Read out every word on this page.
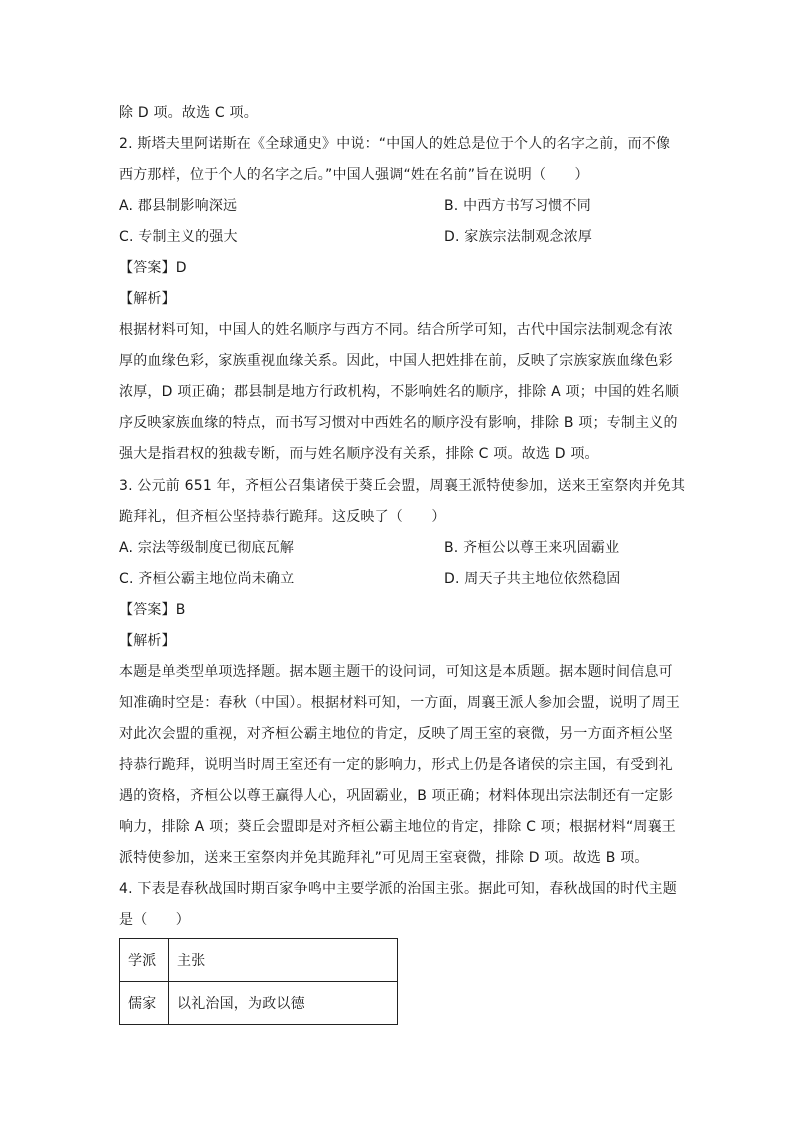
除 D 项。故选 C 项。
2. 斯塔夫里阿诺斯在《全球通史》中说：“中国人的姓总是位于个人的名字之前，而不像
西方那样，位于个人的名字之后。”中国人强调“姓在名前”旨在说明（　　）
【答案】D
【解析】
根据材料可知，中国人的姓名顺序与西方不同。结合所学可知，古代中国宗法制观念有浓
厚的血缘色彩，家族重视血缘关系。因此，中国人把姓排在前，反映了宗族家族血缘色彩
浓厚，D 项正确；郡县制是地方行政机构，不影响姓名的顺序，排除 A 项；中国的姓名顺
序反映家族血缘的特点，而书写习惯对中西姓名的顺序没有影响，排除 B 项；专制主义的
强大是指君权的独裁专断，而与姓名顺序没有关系，排除 C 项。故选 D 项。
3. 公元前 651 年，齐桓公召集诸侯于葵丘会盟，周襄王派特使参加，送来王室祭肉并免其
跪拜礼，但齐桓公坚持恭行跪拜。这反映了（　　）
【答案】B
【解析】
本题是单类型单项选择题。据本题主题干的设问词，可知这是本质题。据本题时间信息可
知准确时空是：春秋（中国）。根据材料可知，一方面，周襄王派人参加会盟，说明了周王
对此次会盟的重视，对齐桓公霸主地位的肯定，反映了周王室的衰微，另一方面齐桓公坚
持恭行跪拜，说明当时周王室还有一定的影响力，形式上仍是各诸侯的宗主国，有受到礼
遇的资格，齐桓公以尊王赢得人心，巩固霸业，B 项正确；材料体现出宗法制还有一定影
响力，排除 A 项；葵丘会盟即是对齐桓公霸主地位的肯定，排除 C 项；根据材料“周襄王
派特使参加，送来王室祭肉并免其跪拜礼”可见周王室衰微，排除 D 项。故选 B 项。
4. 下表是春秋战国时期百家争鸣中主要学派的治国主张。据此可知，春秋战国的时代主题
是（　　）
A. 郡县制影响深远	B. 中西方书写习惯不同
C. 专制主义的强大	D. 家族宗法制观念浓厚
A. 宗法等级制度已彻底瓦解	B. 齐桓公以尊王来巩固霸业
C. 齐桓公霸主地位尚未确立	D. 周天子共主地位依然稳固
学派	主张
儒家	以礼治国，为政以德
